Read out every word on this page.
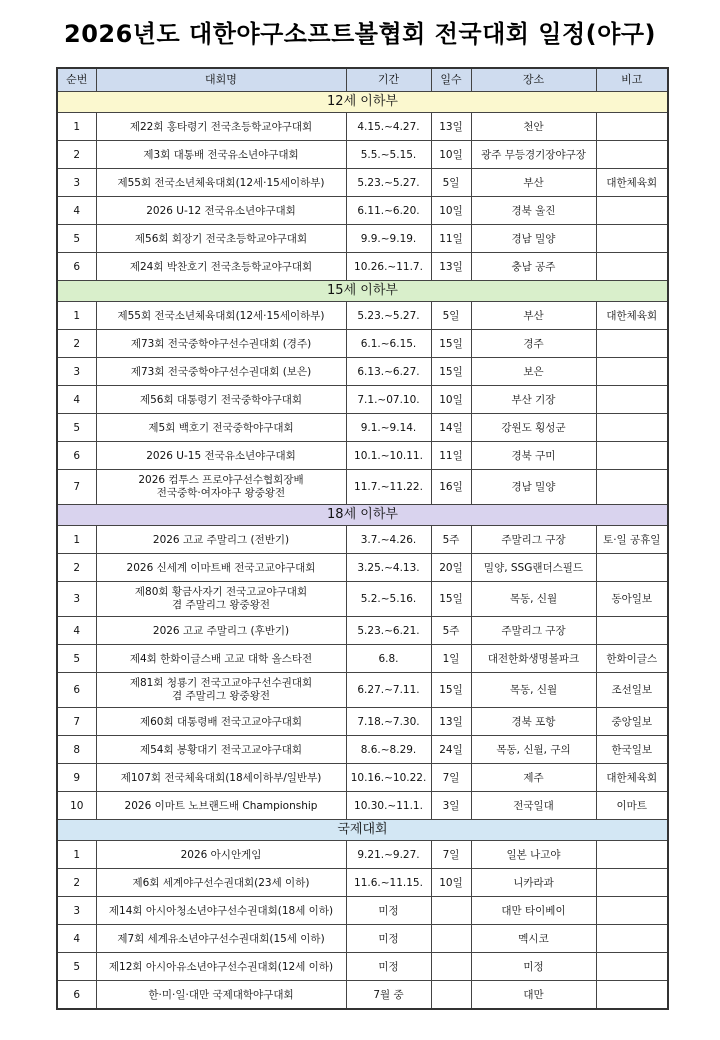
2026년도 대한야구소프트볼협회 전국대회 일정(야구)
순번	대회명	기간	일수	장소	비고
12세 이하부					
1	제22회 홍타령기 전국초등학교야구대회	4.15.~4.27.	13일	천안	
2	제3회 대통배 전국유소년야구대회	5.5.~5.15.	10일	광주 무등경기장야구장	
3	제55회 전국소년체육대회(12세·15세이하부)	5.23.~5.27.	5일	부산	대한체육회
4	2026 U-12 전국유소년야구대회	6.11.~6.20.	10일	경북 울진	
5	제56회 회장기 전국초등학교야구대회	9.9.~9.19.	11일	경남 밀양	
6	제24회 박찬호기 전국초등학교야구대회	10.26.~11.7.	13일	충남 공주	
15세 이하부					
1	제55회 전국소년체육대회(12세·15세이하부)	5.23.~5.27.	5일	부산	대한체육회
2	제73회 전국중학야구선수권대회 (경주)	6.1.~6.15.	15일	경주	
3	제73회 전국중학야구선수권대회 (보은)	6.13.~6.27.	15일	보은	
4	제56회 대통령기 전국중학야구대회	7.1.~07.10.	10일	부산 기장	
5	제5회 백호기 전국중학야구대회	9.1.~9.14.	14일	강원도 횡성군	
6	2026 U-15 전국유소년야구대회	10.1.~10.11.	11일	경북 구미	
7	2026 컴투스 프로야구선수협회장배
전국중학·여자야구 왕중왕전	11.7.~11.22.	16일	경남 밀양	
18세 이하부					
1	2026 고교 주말리그 (전반기)	3.7.~4.26.	5주	주말리그 구장	토·일 공휴일
2	2026 신세계 이마트배 전국고교야구대회	3.25.~4.13.	20일	밀양, SSG랜더스필드	
3	제80회 황금사자기 전국고교야구대회
겸 주말리그 왕중왕전	5.2.~5.16.	15일	목동, 신월	동아일보
4	2026 고교 주말리그 (후반기)	5.23.~6.21.	5주	주말리그 구장	
5	제4회 한화이글스배 고교 대학 올스타전	6.8.	1일	대전한화생명볼파크	한화이글스
6	제81회 청룡기 전국고교야구선수권대회
겸 주말리그 왕중왕전	6.27.~7.11.	15일	목동, 신월	조선일보
7	제60회 대통령배 전국고교야구대회	7.18.~7.30.	13일	경북 포항	중앙일보
8	제54회 봉황대기 전국고교야구대회	8.6.~8.29.	24일	목동, 신월, 구의	한국일보
9	제107회 전국체육대회(18세이하부/일반부)	10.16.~10.22.	7일	제주	대한체육회
10	2026 이마트 노브랜드배 Championship	10.30.~11.1.	3일	전국일대	이마트
국제대회					
1	2026 아시안게임	9.21.~9.27.	7일	일본 나고야	
2	제6회 세계야구선수권대회(23세 이하)	11.6.~11.15.	10일	니카라과	
3	제14회 아시아청소년야구선수권대회(18세 이하)	미정		대만 타이베이	
4	제7회 세계유소년야구선수권대회(15세 이하)	미정		멕시코	
5	제12회 아시아유소년야구선수권대회(12세 이하)	미정		미정	
6	한·미·일·대만 국제대학야구대회	7월 중		대만	
